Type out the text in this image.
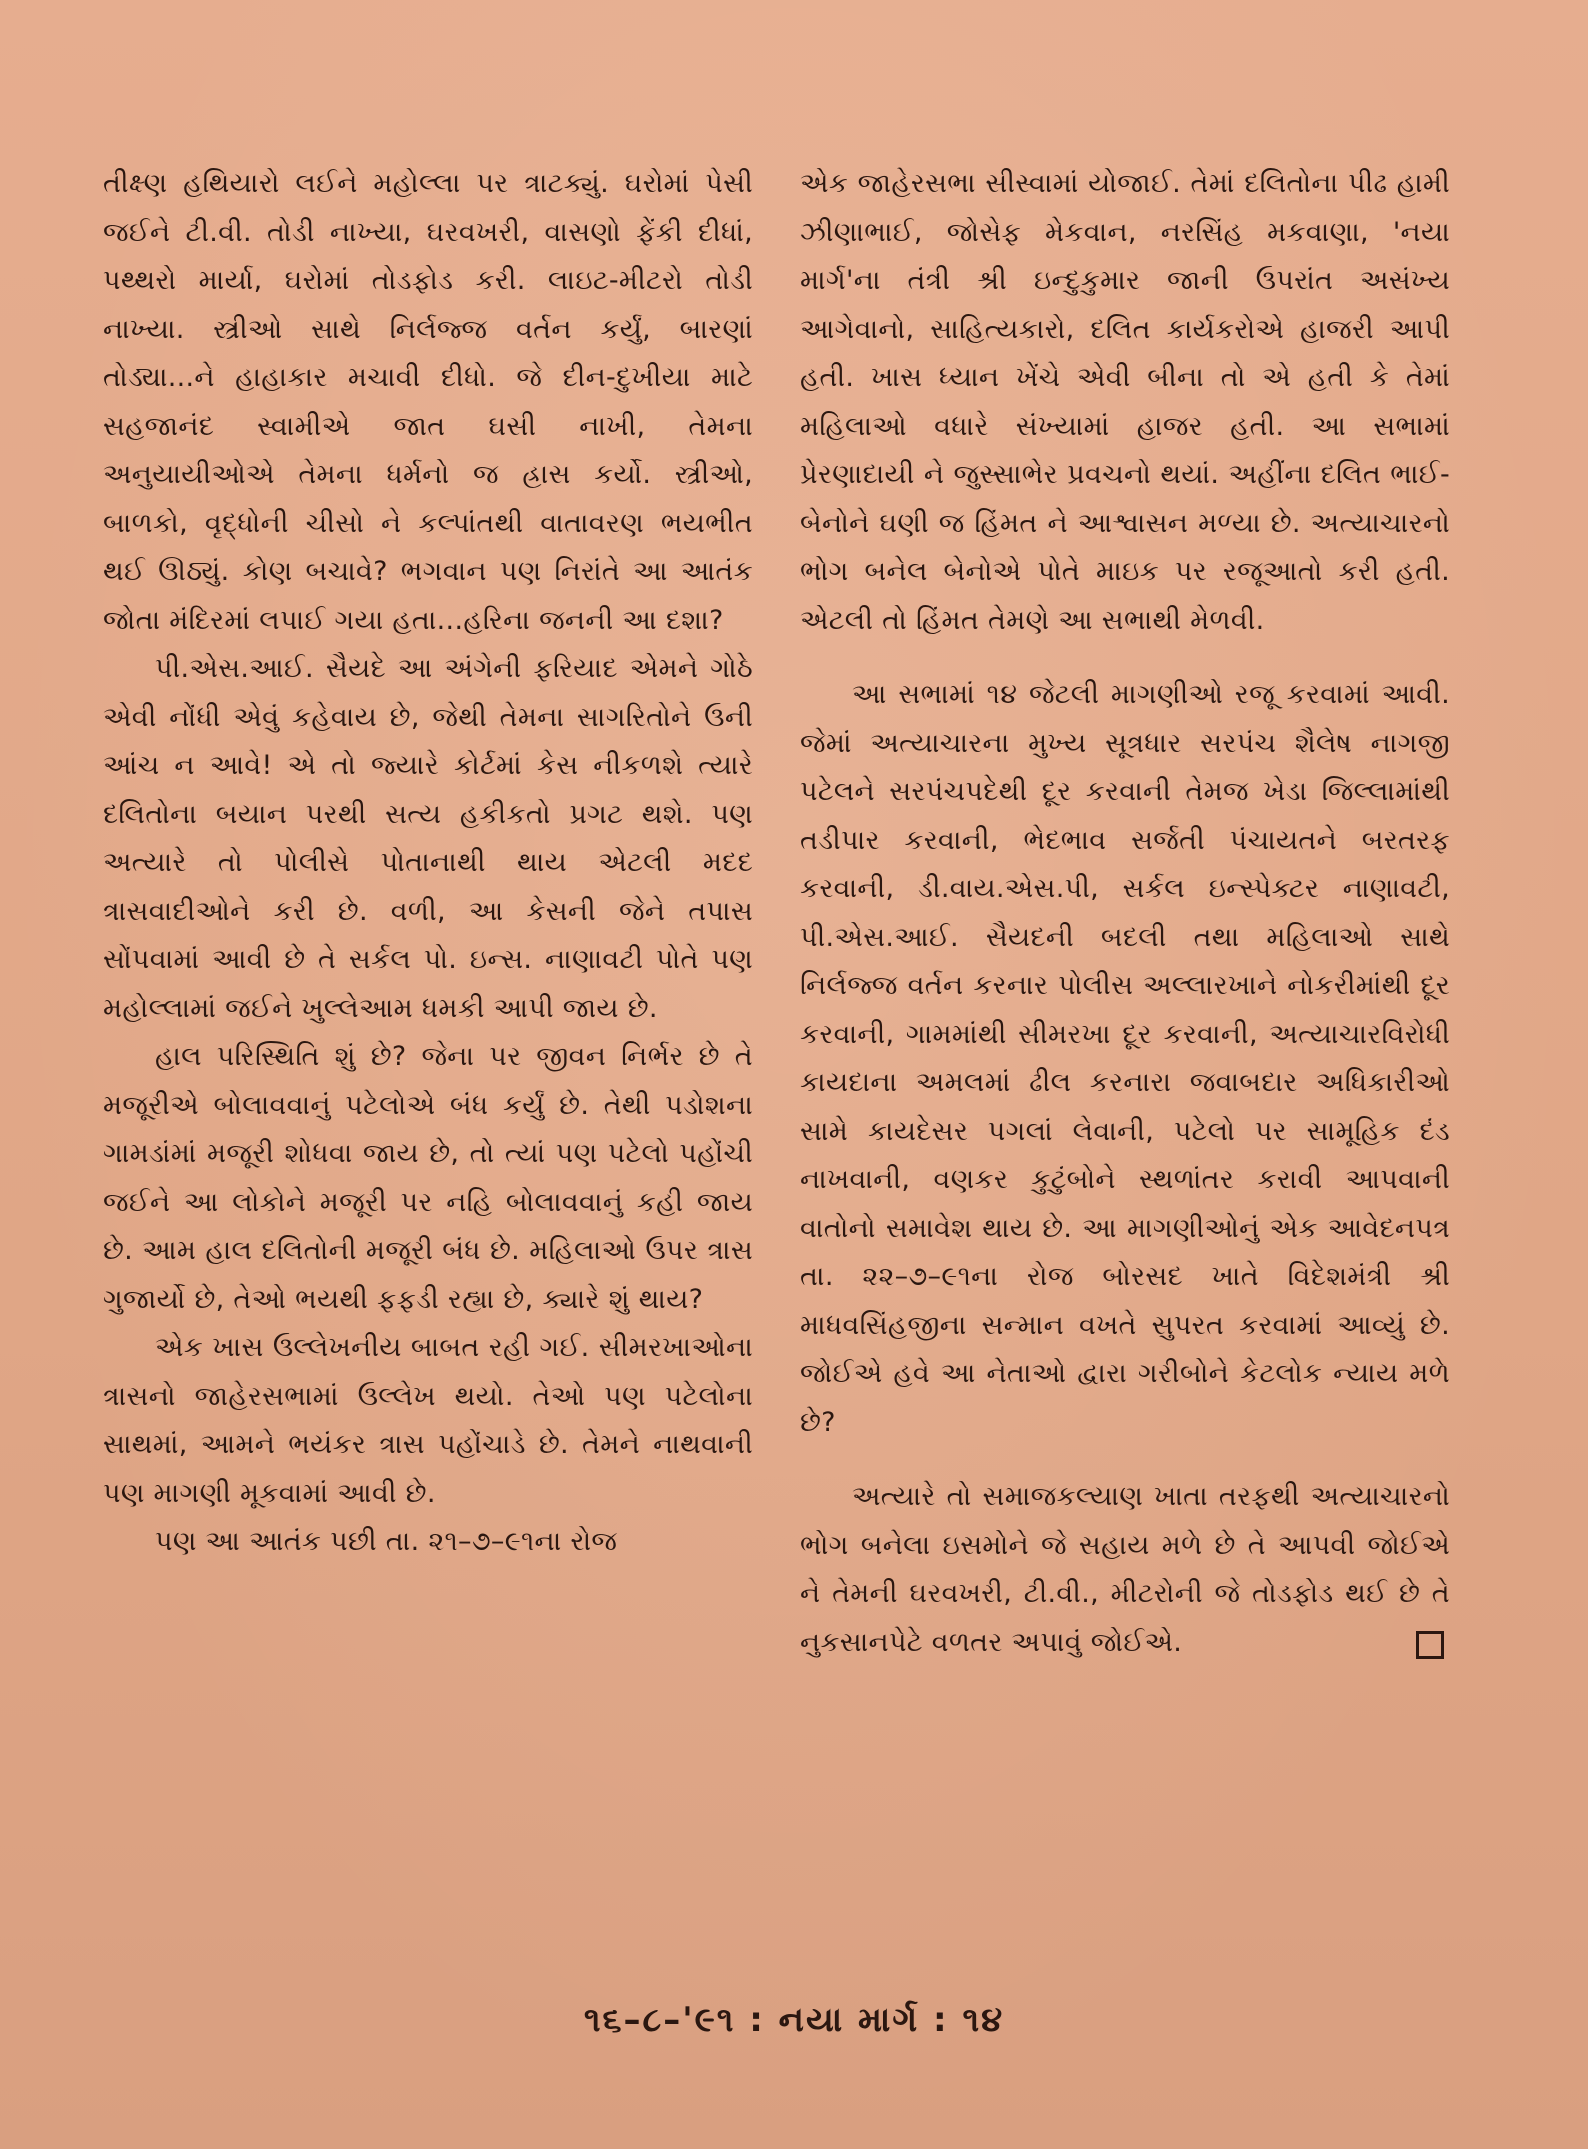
તીક્ષ્ણ હથિયારો લઈને મહોલ્લા પર ત્રાટક્યું. ઘરોમાં પેસી જઈને ટી.વી. તોડી નાખ્યા, ઘરવખરી, વાસણો ફેંકી દીધાં, પથ્થરો માર્યા, ઘરોમાં તોડફોડ કરી. લાઇટ-મીટરો તોડી નાખ્યા. સ્ત્રીઓ સાથે નિર્લજ્જ વર્તન કર્યું, બારણાં તોડ્યા...ને હાહાકાર મચાવી દીધો. જે દીન-દુખીયા માટે સહજાનંદ સ્વામીએ જાત ઘસી નાખી, તેમના અનુયાયીઓએ તેમના ધર્મનો જ હ્રાસ કર્યો. સ્ત્રીઓ, બાળકો, વૃદ્ધોની ચીસો ને કલ્પાંતથી વાતાવરણ ભયભીત થઈ ઊઠ્યું. કોણ બચાવે? ભગવાન પણ નિરાંતે આ આતંક જોતા મંદિરમાં લપાઈ ગયા હતા...હરિના જનની આ દશા?

પી.એસ.આઈ. સૈયદે આ અંગેની ફરિયાદ એમને ગોઠે એવી નોંધી એવું કહેવાય છે, જેથી તેમના સાગરિતોને ઉની આંચ ન આવે! એ તો જ્યારે કોર્ટમાં કેસ નીકળશે ત્યારે દલિતોના બયાન પરથી સત્ય હકીકતો પ્રગટ થશે. પણ અત્યારે તો પોલીસે પોતાનાથી થાય એટલી મદદ ત્રાસવાદીઓને કરી છે. વળી, આ કેસની જેને તપાસ સોંપવામાં આવી છે તે સર્કલ પો. ઇન્સ. નાણાવટી પોતે પણ મહોલ્લામાં જઈને ખુલ્લેઆમ ધમકી આપી જાય છે.

હાલ પરિસ્થિતિ શું છે? જેના પર જીવન નિર્ભર છે તે મજૂરીએ બોલાવવાનું પટેલોએ બંધ કર્યું છે. તેથી પડોશના ગામડાંમાં મજૂરી શોધવા જાય છે, તો ત્યાં પણ પટેલો પહોંચી જઈને આ લોકોને મજૂરી પર નહિ બોલાવવાનું કહી જાય છે. આમ હાલ દલિતોની મજૂરી બંધ છે. મહિલાઓ ઉપર ત્રાસ ગુજાર્યો છે, તેઓ ભયથી ફફડી રહ્યા છે, ક્યારે શું થાય?

એક ખાસ ઉલ્લેખનીય બાબત રહી ગઈ. સીમરખાઓના ત્રાસનો જાહેરસભામાં ઉલ્લેખ થયો. તેઓ પણ પટેલોના સાથમાં, આમને ભયંકર ત્રાસ પહોંચાડે છે. તેમને નાથવાની પણ માગણી મૂકવામાં આવી છે.

પણ આ આતંક પછી તા. ૨૧–૭–૯૧ના રોજ

એક જાહેરસભા સીસ્વામાં યોજાઈ. તેમાં દલિતોના પીઢ હામી ઝીણાભાઈ, જોસેફ મેકવાન, નરસિંહ મકવાણા, 'નયા માર્ગ'ના તંત્રી શ્રી ઇન્દુકુમાર જાની ઉપરાંત અસંખ્ય આગેવાનો, સાહિત્યકારો, દલિત કાર્યકરોએ હાજરી આપી હતી. ખાસ ધ્યાન ખેંચે એવી બીના તો એ હતી કે તેમાં મહિલાઓ વધારે સંખ્યામાં હાજર હતી. આ સભામાં પ્રેરણાદાયી ને જુસ્સાભેર પ્રવચનો થયાં. અહીંના દલિત ભાઈ-બેનોને ઘણી જ હિંમત ને આશ્વાસન મળ્યા છે. અત્યાચારનો ભોગ બનેલ બેનોએ પોતે માઇક પર રજૂઆતો કરી હતી. એટલી તો હિંમત તેમણે આ સભાથી મેળવી.

આ સભામાં ૧૪ જેટલી માગણીઓ રજૂ કરવામાં આવી. જેમાં અત્યાચારના મુખ્ય સૂત્રધાર સરપંચ શૈલેષ નાગજી પટેલને સરપંચપદેથી દૂર કરવાની તેમજ ખેડા જિલ્લામાંથી તડીપાર કરવાની, ભેદભાવ સર્જતી પંચાયતને બરતરફ કરવાની, ડી.વાય.એસ.પી, સર્કલ ઇન્સ્પેક્ટર નાણાવટી, પી.એસ.આઈ. સૈયદની બદલી તથા મહિલાઓ સાથે નિર્લજ્જ વર્તન કરનાર પોલીસ અલ્લારખાને નોકરીમાંથી દૂર કરવાની, ગામમાંથી સીમરખા દૂર કરવાની, અત્યાચારવિરોધી કાયદાના અમલમાં ઢીલ કરનારા જવાબદાર અધિકારીઓ સામે કાયદેસર પગલાં લેવાની, પટેલો પર સામૂહિક દંડ નાખવાની, વણકર કુટુંબોને સ્થળાંતર કરાવી આપવાની વાતોનો સમાવેશ થાય છે. આ માગણીઓનું એક આવેદનપત્ર તા. ૨૨–૭–૯૧ના રોજ બોરસદ ખાતે વિદેશમંત્રી શ્રી માધવસિંહજીના સન્માન વખતે સુપરત કરવામાં આવ્યું છે. જોઈએ હવે આ નેતાઓ દ્વારા ગરીબોને કેટલોક ન્યાય મળે છે?

અત્યારે તો સમાજકલ્યાણ ખાતા તરફથી અત્યાચારનો ભોગ બનેલા ઇસમોને જે સહાય મળે છે તે આપવી જોઈએ ને તેમની ઘરવખરી, ટી.વી., મીટરોની જે તોડફોડ થઈ છે તે નુકસાનપેટે વળતર અપાવું જોઈએ.

૧૬–૮–'૯૧ : નયા માર્ગ : ૧૪
